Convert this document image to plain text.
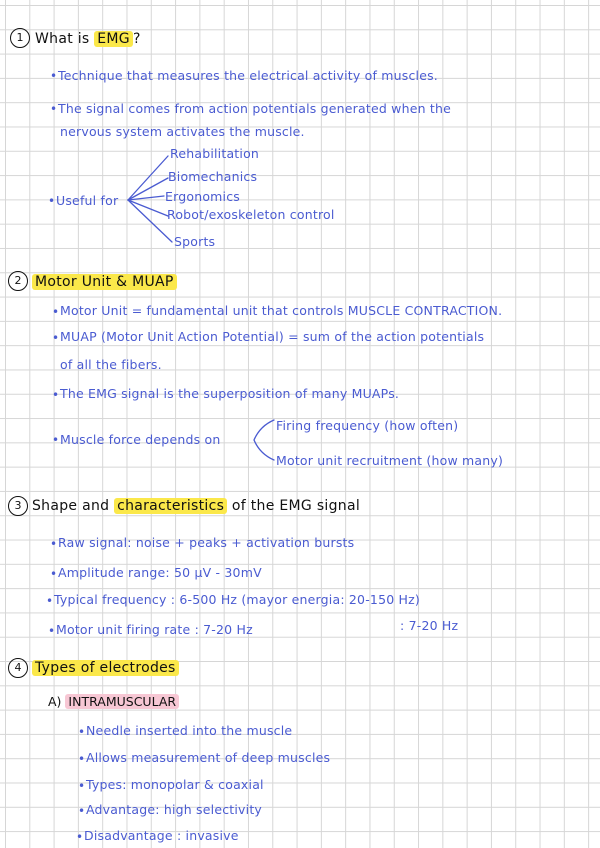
1 What is EMG ?
• Technique that measures the electrical activity of muscles.
• The signal comes from action potentials generated when the
nervous system activates the muscle.
• Useful for
Rehabilitation
Biomechanics
Ergonomics
Robot/exoskeleton control
Sports
2 Motor Unit & MUAP
• Motor Unit = fundamental unit that controls MUSCLE CONTRACTION.
• MUAP (Motor Unit Action Potential) = sum of the action potentials
of all the fibers.
• The EMG signal is the superposition of many MUAPs.
• Muscle force depends on
Firing frequency (how often)
Motor unit recruitment (how many)
3 Shape and characteristics of the EMG signal
• Raw signal: noise + peaks + activation bursts
• Amplitude range: 50 μV - 30mV
• Typical frequency : 6-500 Hz (mayor energia: 20-150 Hz)
• Motor unit firing rate : 7-20 Hz	: 7-20 Hz
4 Types of electrodes
A) INTRAMUSCULAR
• Needle inserted into the muscle
• Allows measurement of deep muscles
• Types: monopolar & coaxial
• Advantage: high selectivity
• Disadvantage : invasive
